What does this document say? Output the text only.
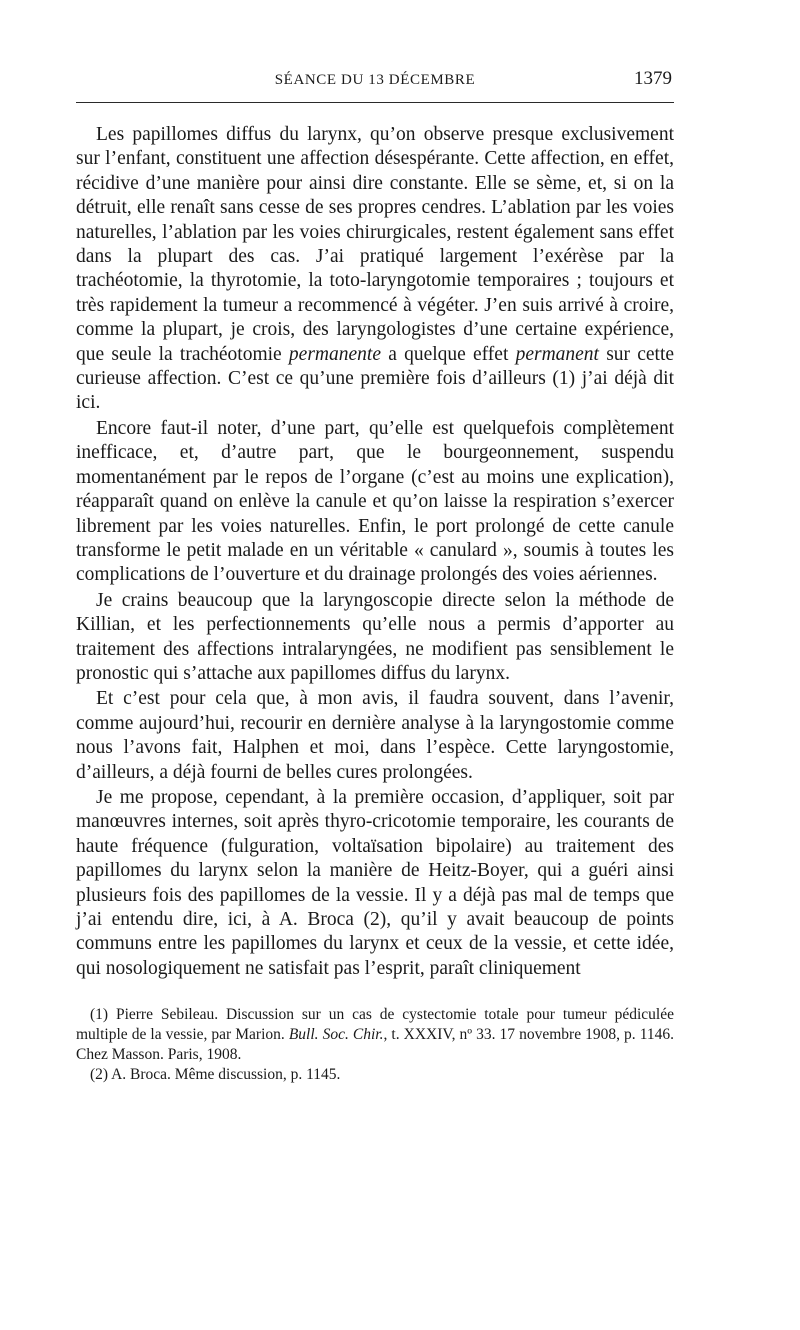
SÉANCE DU 13 DÉCEMBRE	1379

Les papillomes diffus du larynx, qu’on observe presque exclusivement sur l’enfant, constituent une affection désespérante. Cette affection, en effet, récidive d’une manière pour ainsi dire constante. Elle se sème, et, si on la détruit, elle renaît sans cesse de ses propres cendres. L’ablation par les voies naturelles, l’ablation par les voies chirurgicales, restent également sans effet dans la plupart des cas. J’ai pratiqué largement l’exérèse par la trachéotomie, la thyrotomie, la toto-laryngotomie temporaires ; toujours et très rapidement la tumeur a recommencé à végéter. J’en suis arrivé à croire, comme la plupart, je crois, des laryngologistes d’une certaine expérience, que seule la trachéotomie permanente a quelque effet permanent sur cette curieuse affection. C’est ce qu’une première fois d’ailleurs (1) j’ai déjà dit ici.

Encore faut-il noter, d’une part, qu’elle est quelquefois complètement inefficace, et, d’autre part, que le bourgeonnement, suspendu momentanément par le repos de l’organe (c’est au moins une explication), réapparaît quand on enlève la canule et qu’on laisse la respiration s’exercer librement par les voies naturelles. Enfin, le port prolongé de cette canule transforme le petit malade en un véritable « canulard », soumis à toutes les complications de l’ouverture et du drainage prolongés des voies aériennes.

Je crains beaucoup que la laryngoscopie directe selon la méthode de Killian, et les perfectionnements qu’elle nous a permis d’apporter au traitement des affections intralaryngées, ne modifient pas sensiblement le pronostic qui s’attache aux papillomes diffus du larynx.

Et c’est pour cela que, à mon avis, il faudra souvent, dans l’avenir, comme aujourd’hui, recourir en dernière analyse à la laryngostomie comme nous l’avons fait, Halphen et moi, dans l’espèce. Cette laryngostomie, d’ailleurs, a déjà fourni de belles cures prolongées.

Je me propose, cependant, à la première occasion, d’appliquer, soit par manœuvres internes, soit après thyro-cricotomie temporaire, les courants de haute fréquence (fulguration, voltaïsation bipolaire) au traitement des papillomes du larynx selon la manière de Heitz-Boyer, qui a guéri ainsi plusieurs fois des papillomes de la vessie. Il y a déjà pas mal de temps que j’ai entendu dire, ici, à A. Broca (2), qu’il y avait beaucoup de points communs entre les papillomes du larynx et ceux de la vessie, et cette idée, qui nosologiquement ne satisfait pas l’esprit, paraît cliniquement

(1) Pierre Sebileau. Discussion sur un cas de cystectomie totale pour tumeur pédiculée multiple de la vessie, par Marion. Bull. Soc. Chir., t. XXXIV, nº 33. 17 novembre 1908, p. 1146. Chez Masson. Paris, 1908.

(2) A. Broca. Même discussion, p. 1145.
